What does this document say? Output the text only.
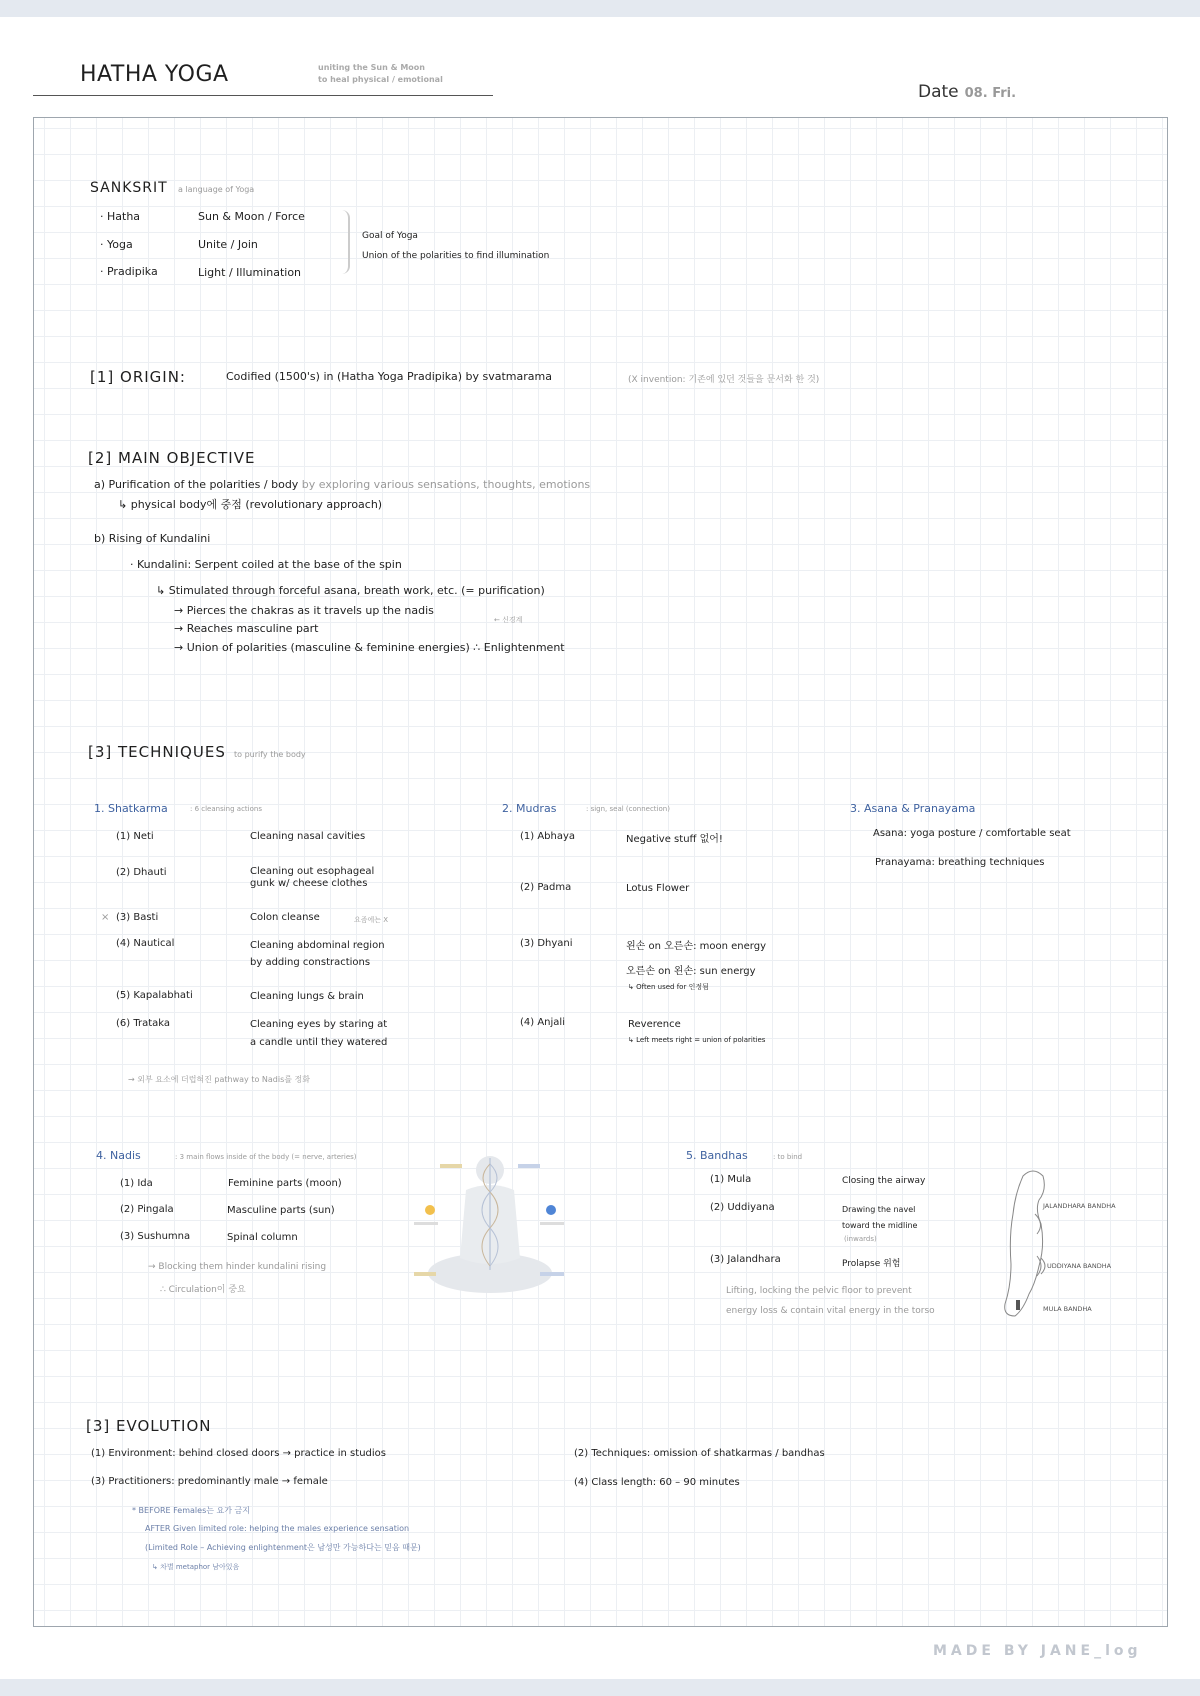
HATHA YOGA	uniting the Sun & Moon
to heal physical / emotional
Date 08. Fri.
SANKSRIT a language of Yoga
· Hatha	Sun & Moon / Force
· Yoga	Unite / Join
· Pradipika	Light / Illumination
Goal of Yoga
Union of the polarities to find illumination
[1] ORIGIN:	Codified (1500's) in (Hatha Yoga Pradipika) by svatmarama	(X invention: 기존에 있던 것들을 문서화 한 것)
[2] MAIN OBJECTIVE
a) Purification of the polarities / body by exploring various sensations, thoughts, emotions
↳ physical body에 중점 (revolutionary approach)
b) Rising of Kundalini
· Kundalini: Serpent coiled at the base of the spin
↳ Stimulated through forceful asana, breath work, etc. (= purification)
→ Pierces the chakras as it travels up the nadis
← 신경계
→ Reaches masculine part
→ Union of polarities (masculine & feminine energies) ∴ Enlightenment
[3] TECHNIQUES to purify the body
1. Shatkarma	: 6 cleansing actions
(1) Neti	Cleaning nasal cavities
(2) Dhauti	Cleaning out esophageal
gunk w/ cheese clothes
× (3) Basti	Colon cleanse	요즘에는 X
(4) Nautical	Cleaning abdominal region
by adding constractions
(5) Kapalabhati	Cleaning lungs & brain
(6) Trataka	Cleaning eyes by staring at
a candle until they watered
→ 외부 요소에 더럽혀진 pathway to Nadis를 정화
2. Mudras	: sign, seal (connection)
(1) Abhaya	Negative stuff 없어!
(2) Padma	Lotus Flower
(3) Dhyani	왼손 on 오른손: moon energy
오른손 on 왼손: sun energy
↳ Often used for 인정됨
(4) Anjali	Reverence
↳ Left meets right = union of polarities
3. Asana & Pranayama
Asana: yoga posture / comfortable seat
Pranayama: breathing techniques
4. Nadis	: 3 main flows inside of the body (= nerve, arteries)
(1) Ida	Feminine parts (moon)
(2) Pingala	Masculine parts (sun)
(3) Sushumna	Spinal column
→ Blocking them hinder kundalini rising
∴ Circulation이 중요
5. Bandhas	: to bind
(1) Mula	Closing the airway
(2) Uddiyana	Drawing the navel
toward the midline
(inwards)
(3) Jalandhara	Prolapse 위험
Lifting, locking the pelvic floor to prevent
energy loss & contain vital energy in the torso
JALANDHARA BANDHA
UDDIYANA BANDHA
MULA BANDHA
[3] EVOLUTION
(1) Environment: behind closed doors → practice in studios	(2) Techniques: omission of shatkarmas / bandhas
(3) Practitioners: predominantly male → female	(4) Class length: 60 – 90 minutes
* BEFORE Females는 요가 금지
AFTER Given limited role: helping the males experience sensation
(Limited Role – Achieving enlightenment은 남성만 가능하다는 믿음 때문)
↳ 차별 metaphor 남아있음
MADE BY JANE_log
